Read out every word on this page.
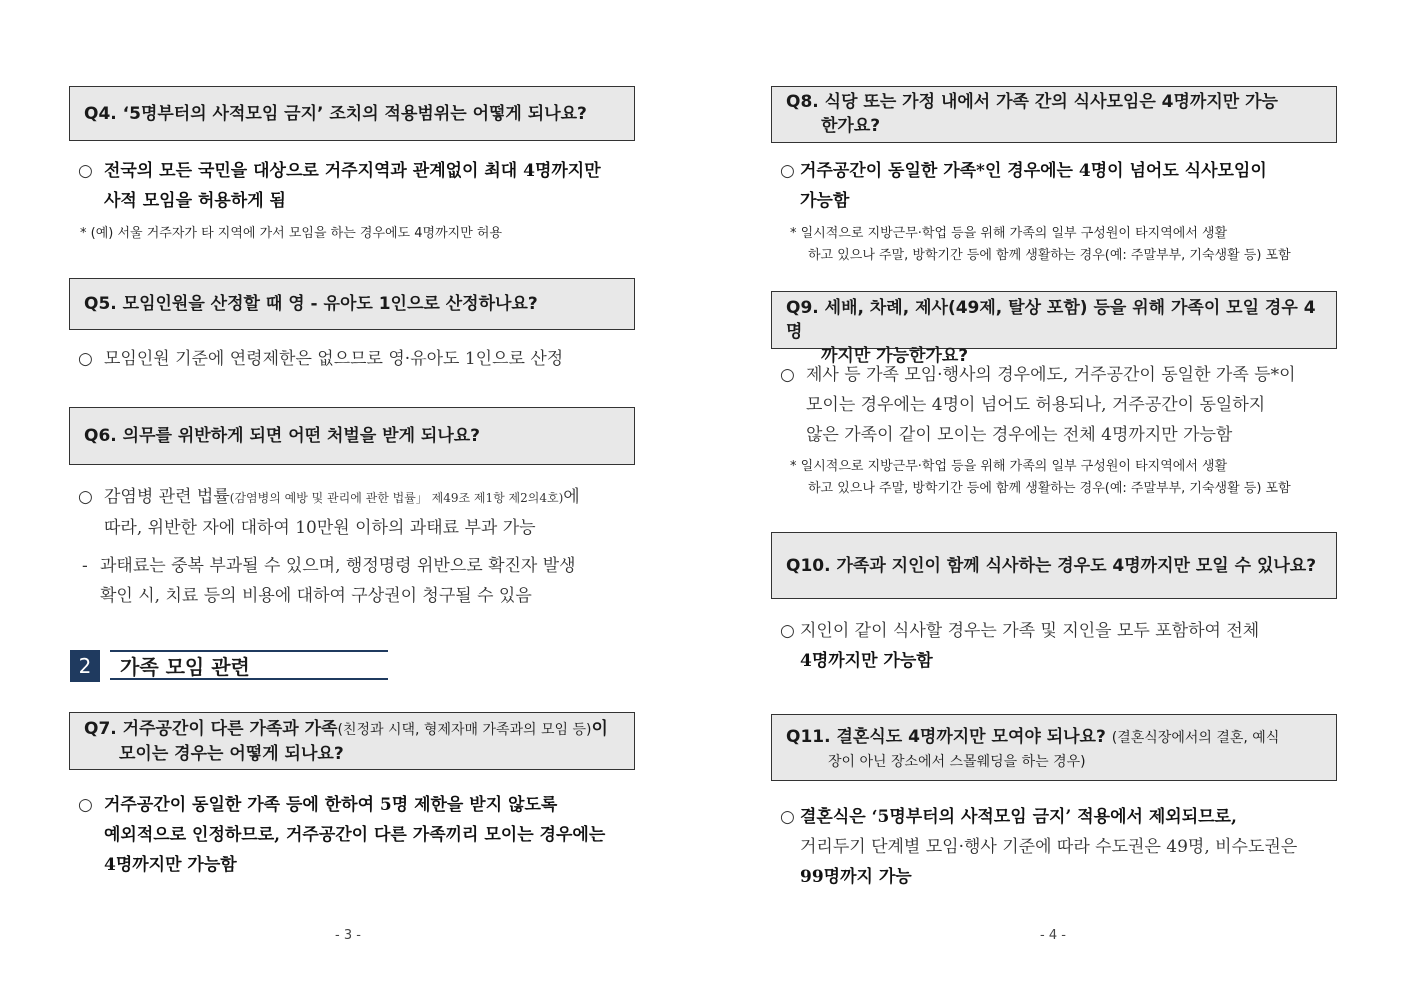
Q4. ‘5명부터의 사적모임 금지’ 조치의 적용범위는 어떻게 되나요?
○ 전국의 모든 국민을 대상으로 거주지역과 관계없이 최대 4명까지만
사적 모임을 허용하게 됨
* (예) 서울 거주자가 타 지역에 가서 모임을 하는 경우에도 4명까지만 허용
Q5. 모임인원을 산정할 때 영 - 유아도 1인으로 산정하나요?
○ 모임인원 기준에 연령제한은 없으므로 영·유아도 1인으로 산정
Q6. 의무를 위반하게 되면 어떤 처벌을 받게 되나요?
○ 감염병 관련 법률(감염병의 예방 및 관리에 관한 법률」 제49조 제1항 제2의4호)에
따라, 위반한 자에 대하여 10만원 이하의 과태료 부과 가능
- 과태료는 중복 부과될 수 있으며, 행정명령 위반으로 확진자 발생
확인 시, 치료 등의 비용에 대하여 구상권이 청구될 수 있음
2	가족 모임 관련
Q7. 거주공간이 다른 가족과 가족(친정과 시댁, 형제자매 가족과의 모임 등)이
모이는 경우는 어떻게 되나요?
○ 거주공간이 동일한 가족 등에 한하여 5명 제한을 받지 않도록
예외적으로 인정하므로, 거주공간이 다른 가족끼리 모이는 경우에는
4명까지만 가능함
- 3 -
Q8. 식당 또는 가정 내에서 가족 간의 식사모임은 4명까지만 가능
한가요?
○ 거주공간이 동일한 가족*인 경우에는 4명이 넘어도 식사모임이
가능함
* 일시적으로 지방근무·학업 등을 위해 가족의 일부 구성원이 타지역에서 생활
하고 있으나 주말, 방학기간 등에 함께 생활하는 경우(예: 주말부부, 기숙생활 등) 포함
Q9. 세배, 차례, 제사(49제, 탈상 포함) 등을 위해 가족이 모일 경우 4명
까지만 가능한가요?
○ 제사 등 가족 모임·행사의 경우에도, 거주공간이 동일한 가족 등*이
모이는 경우에는 4명이 넘어도 허용되나, 거주공간이 동일하지
않은 가족이 같이 모이는 경우에는 전체 4명까지만 가능함
* 일시적으로 지방근무·학업 등을 위해 가족의 일부 구성원이 타지역에서 생활
하고 있으나 주말, 방학기간 등에 함께 생활하는 경우(예: 주말부부, 기숙생활 등) 포함
Q10. 가족과 지인이 함께 식사하는 경우도 4명까지만 모일 수 있나요?
○ 지인이 같이 식사할 경우는 가족 및 지인을 모두 포함하여 전체
4명까지만 가능함
Q11. 결혼식도 4명까지만 모여야 되나요? (결혼식장에서의 결혼, 예식
장이 아닌 장소에서 스몰웨딩을 하는 경우)
○ 결혼식은 ‘5명부터의 사적모임 금지’ 적용에서 제외되므로,
거리두기 단계별 모임·행사 기준에 따라 수도권은 49명, 비수도권은
99명까지 가능
- 4 -
